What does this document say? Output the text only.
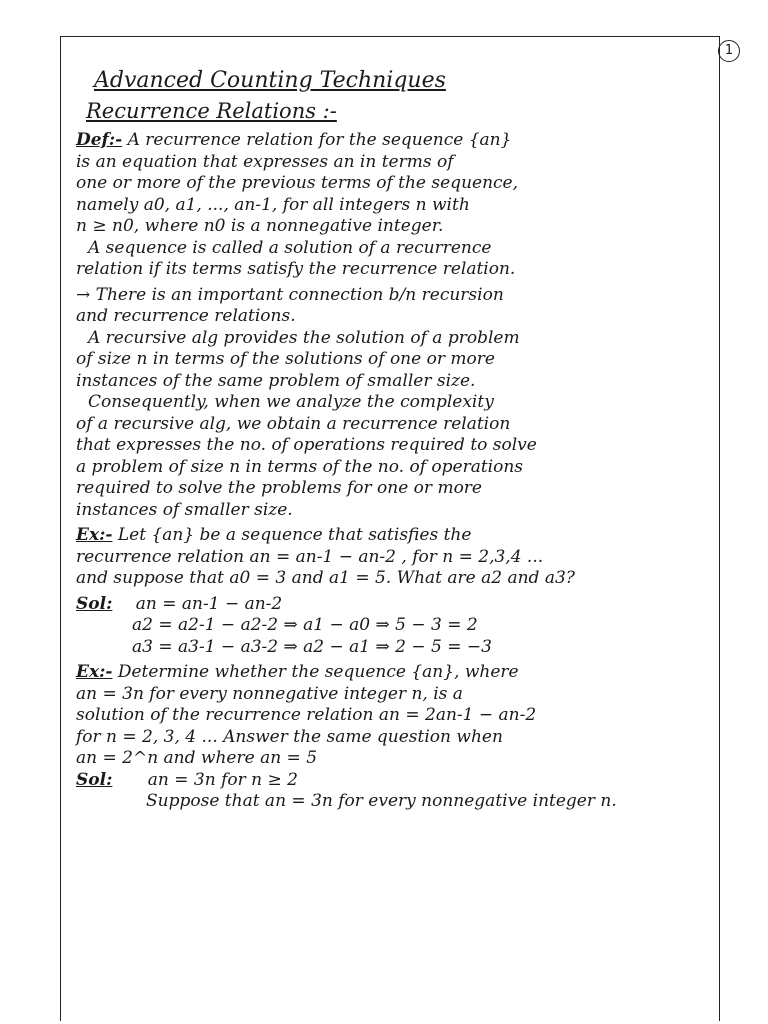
1
Advanced Counting Techniques
Recurrence Relations :-
Def:- A recurrence relation for the sequence {an}
is an equation that expresses an in terms of
one or more of the previous terms of the sequence,
namely a0, a1, ..., an-1, for all integers n with
n ≥ n0, where n0 is a nonnegative integer.
A sequence is called a solution of a recurrence
relation if its terms satisfy the recurrence relation.
→ There is an important connection b/n recursion
and recurrence relations.
A recursive alg provides the solution of a problem
of size n in terms of the solutions of one or more
instances of the same problem of smaller size.
Consequently, when we analyze the complexity
of a recursive alg, we obtain a recurrence relation
that expresses the no. of operations required to solve
a problem of size n in terms of the no. of operations
required to solve the problems for one or more
instances of smaller size.
Ex:- Let {an} be a sequence that satisfies the
recurrence relation an = an-1 − an-2 , for n = 2,3,4 ...
and suppose that a0 = 3 and a1 = 5. What are a2 and a3?
Sol: an = an-1 − an-2
a2 = a2-1 − a2-2 ⇒ a1 − a0 ⇒ 5 − 3 = 2
a3 = a3-1 − a3-2 ⇒ a2 − a1 ⇒ 2 − 5 = −3
Ex:- Determine whether the sequence {an}, where
an = 3n for every nonnegative integer n, is a
solution of the recurrence relation an = 2an-1 − an-2
for n = 2, 3, 4 ... Answer the same question when
an = 2^n and where an = 5
Sol: an = 3n for n ≥ 2
Suppose that an = 3n for every nonnegative integer n.
